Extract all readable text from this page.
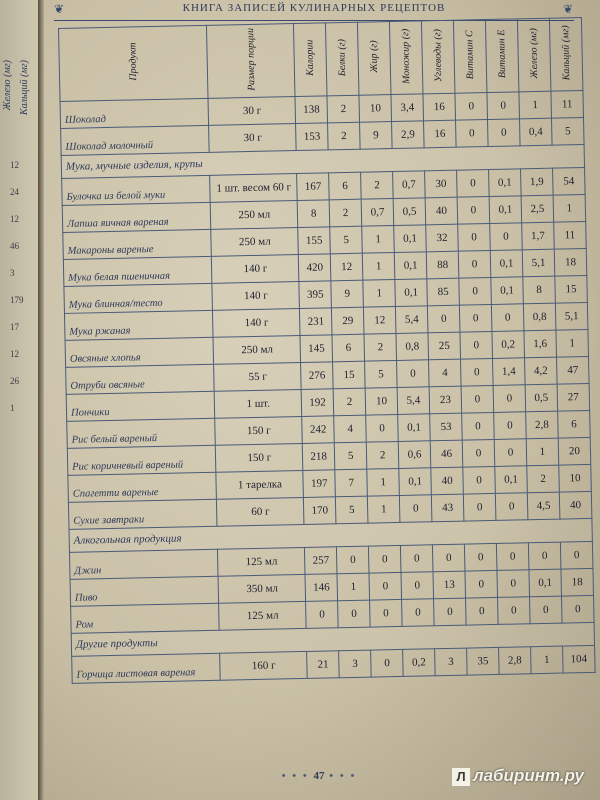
Железо (мг) Кальций (мг)
12
24
12
46
3
179
17
12
26
1
❦	КНИГА ЗАПИСЕЙ КУЛИНАРНЫХ РЕЦЕПТОВ	❦
Продукт	Размер порции	Калории	Белки (г)	Жир (г)	Моножир (г)	Углеводы (г)	Витамин С	Витамин Е	Железо (мг)	Кальций (мг)
Шоколад	30 г	138	2	10	3,4	16	0	0	1	11
Шоколад молочный	30 г	153	2	9	2,9	16	0	0	0,4	5
Мука, мучные изделия, крупы										
Булочка из белой муки	1 шт. весом 60 г	167	6	2	0,7	30	0	0,1	1,9	54
Лапша яичная вареная	250 мл	8	2	0,7	0,5	40	0	0,1	2,5	1
Макароны вареные	250 мл	155	5	1	0,1	32	0	0	1,7	11
Мука белая пшеничная	140 г	420	12	1	0,1	88	0	0,1	5,1	18
Мука блинная/тесто	140 г	395	9	1	0,1	85	0	0,1	8	15
Мука ржаная	140 г	231	29	12	5,4	0	0	0	0,8	5,1
Овсяные хлопья	250 мл	145	6	2	0,8	25	0	0,2	1,6	1
Отруби овсяные	55 г	276	15	5	0	4	0	1,4	4,2	47
Пончики	1 шт.	192	2	10	5,4	23	0	0	0,5	27
Рис белый вареный	150 г	242	4	0	0,1	53	0	0	2,8	6
Рис коричневый вареный	150 г	218	5	2	0,6	46	0	0	1	20
Спагетти вареные	1 тарелка	197	7	1	0,1	40	0	0,1	2	10
Сухие завтраки	60 г	170	5	1	0	43	0	0	4,5	40
Алкогольная продукция										
Джин	125 мл	257	0	0	0	0	0	0	0	0
Пиво	350 мл	146	1	0	0	13	0	0	0,1	18
Ром	125 мл	0	0	0	0	0	0	0	0	0
Другие продукты										
Горчица листовая вареная	160 г	21	3	0	0,2	3	35	2,8	1	104
• • • 47 • • •	Л лабиринт.ру
